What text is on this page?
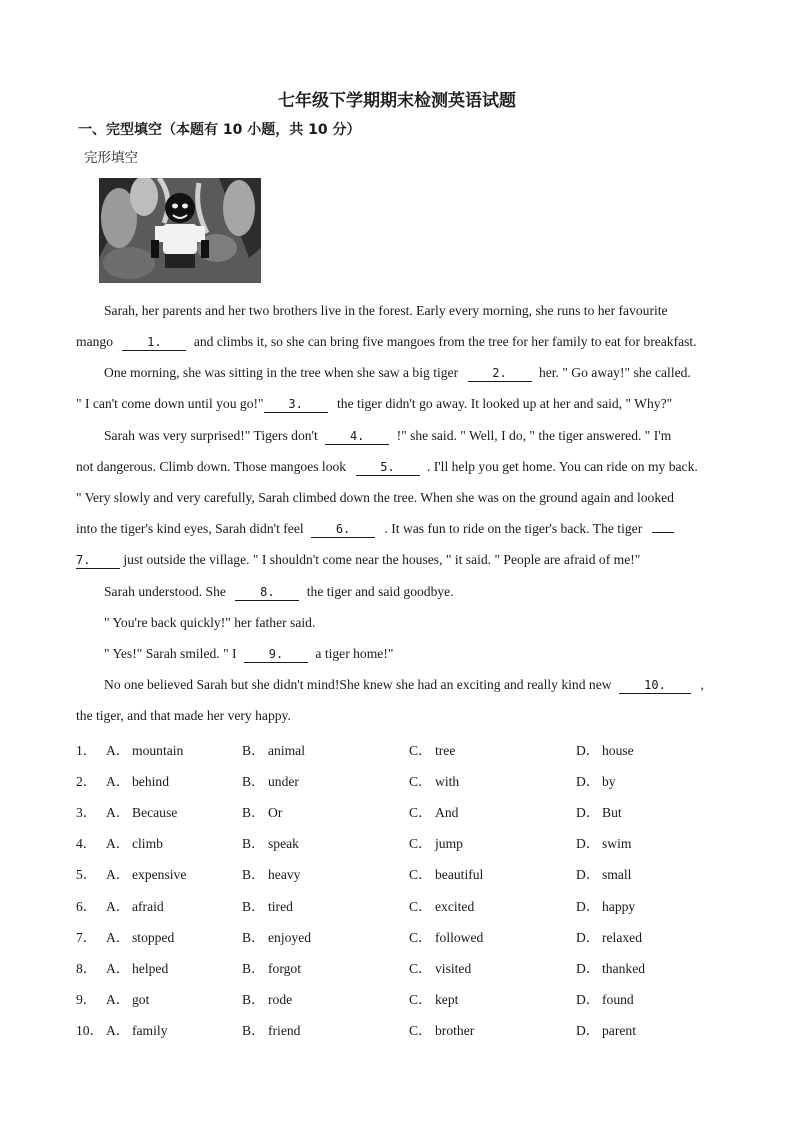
七年级下学期期末检测英语试题
一、完型填空（本题有 10 小题，共 10 分）
完形填空
Sarah, her parents and her two brothers live in the forest. Early every morning, she runs to her favourite
mango	1. and climbs it, so she can bring five mangoes from the tree for her family to eat for breakfast.
One morning, she was sitting in the tree when she saw a big tiger	2. her. " Go away!" she called.
" I can't come down until you go!" 3.	the tiger didn't go away. It looked up at her and said, " Why?"
Sarah was very surprised!" Tigers don't	4. !" she said. " Well, I do, " the tiger answered. " I'm
not dangerous. Climb down. Those mangoes look	5. . I'll help you get home. You can ride on my back.
" Very slowly and very carefully, Sarah climbed down the tree. When she was on the ground again and looked
into the tiger's kind eyes, Sarah didn't feel	6.	. It was fun to ride on the tiger's back. The tiger
7. just outside the village. " I shouldn't come near the houses, " it said. " People are afraid of me!"
Sarah understood. She	8. the tiger and said goodbye.
" You're back quickly!" her father said.
" Yes!" Sarah smiled. " I	9. a tiger home!"
No one believed Sarah but she didn't mind!She knew she had an exciting and really kind new	10.	,
the tiger, and that made her very happy.
1． A． mountain	B． animal	C． tree	D． house
2． A． behind	B． under	C． with	D． by
3． A． Because	B． Or	C． And	D． But
4． A． climb	B． speak	C． jump	D． swim
5． A． expensive	B． heavy	C． beautiful	D． small
6． A． afraid	B． tired	C． excited	D． happy
7． A． stopped	B． enjoyed	C． followed	D． relaxed
8． A． helped	B． forgot	C． visited	D． thanked
9． A． got	B． rode	C． kept	D． found
10． A． family	B． friend	C． brother	D． parent
